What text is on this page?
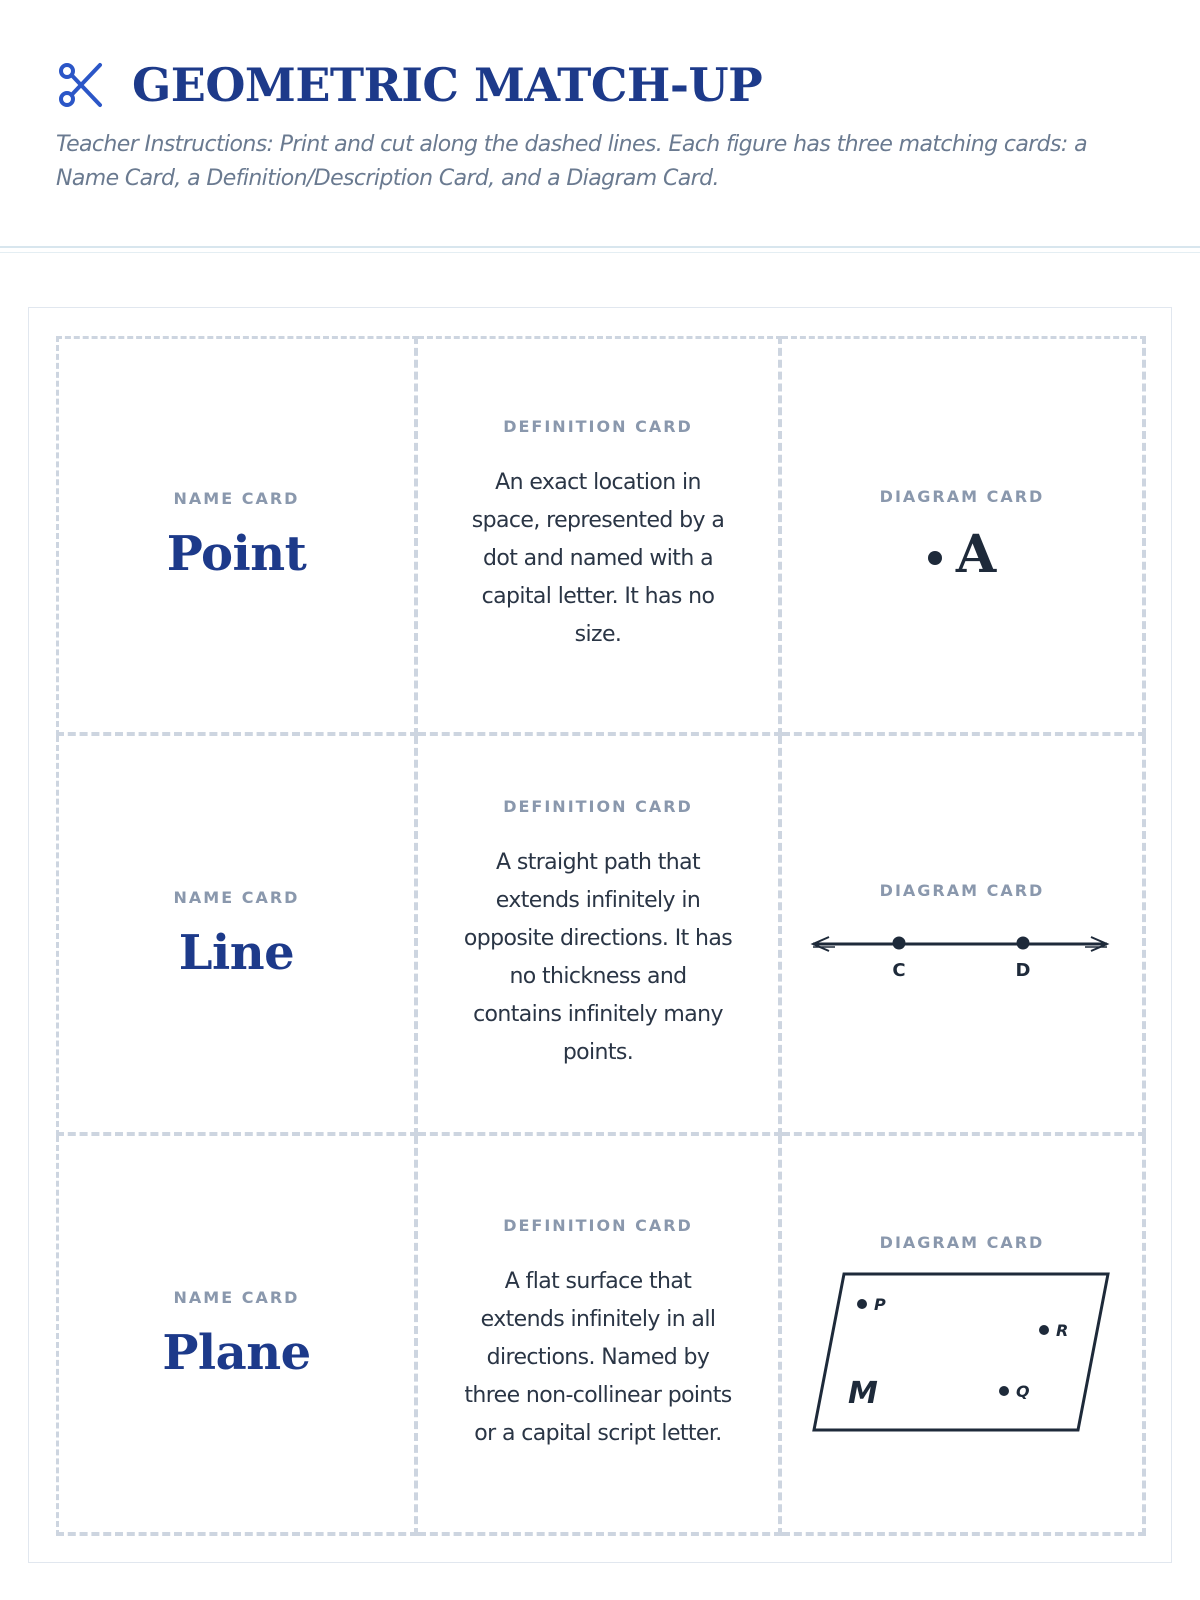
GEOMETRIC MATCH-UP
Teacher Instructions: Print and cut along the dashed lines. Each figure has three matching cards: a Name Card, a Definition/Description Card, and a Diagram Card.
NAME CARD
Point
DEFINITION CARD
An exact location in space, represented by a dot and named with a capital letter. It has no size.
DIAGRAM CARD
A
NAME CARD
Line
DEFINITION CARD
A straight path that extends infinitely in opposite directions. It has no thickness and contains infinitely many points.
DIAGRAM CARD
C	D
NAME CARD
Plane
DEFINITION CARD
A flat surface that extends infinitely in all directions. Named by three non-collinear points or a capital script letter.
DIAGRAM CARD
P
R
Q
M
